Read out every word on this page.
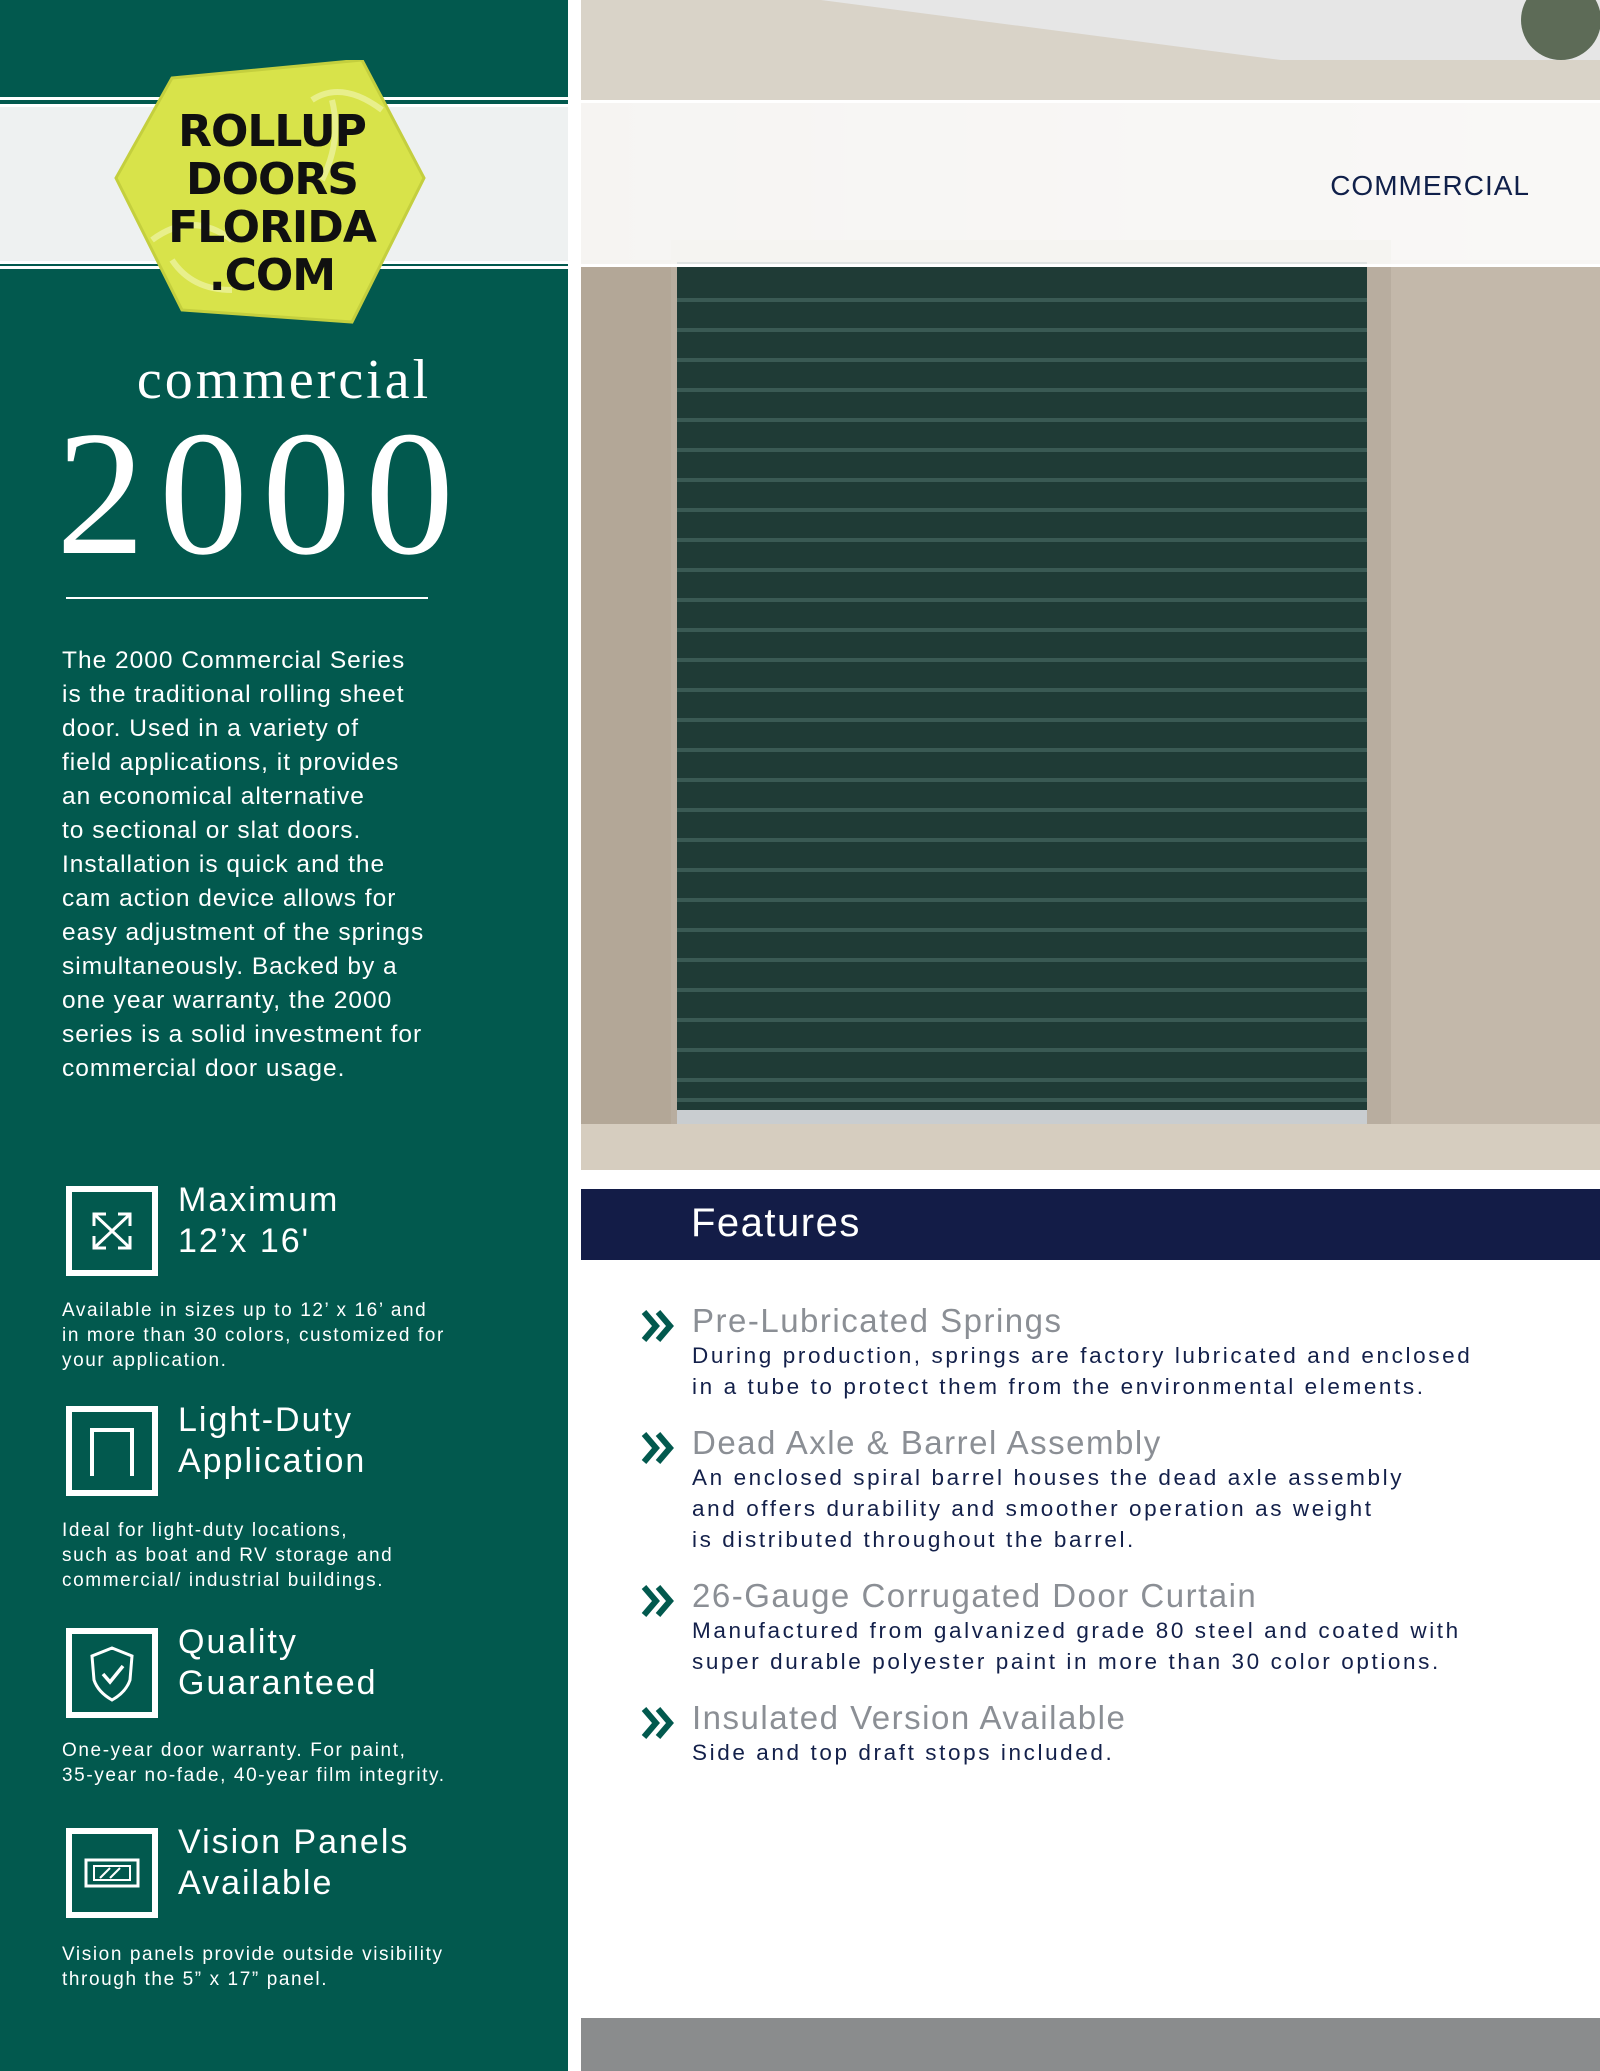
ROLLUP
DOORS
FLORIDA
.COM
commercial
2000
The 2000 Commercial Series
is the traditional rolling sheet
door. Used in a variety of
field applications, it provides
an economical alternative
to sectional or slat doors.
Installation is quick and the
cam action device allows for
easy adjustment of the springs
simultaneously. Backed by a
one year warranty, the 2000
series is a solid investment for
commercial door usage.
Maximum
12’x 16'
Available in sizes up to 12’ x 16’ and
in more than 30 colors, customized for
your application.
Light-Duty
Application
Ideal for light-duty locations,
such as boat and RV storage and
commercial/ industrial buildings.
Quality
Guaranteed
One-year door warranty. For paint,
35-year no-fade, 40-year film integrity.
Vision Panels
Available
Vision panels provide outside visibility
through the 5” x 17” panel.
COMMERCIAL
Features
Pre-Lubricated Springs
During production, springs are factory lubricated and enclosed
in a tube to protect them from the environmental elements.
Dead Axle & Barrel Assembly
An enclosed spiral barrel houses the dead axle assembly
and offers durability and smoother operation as weight
is distributed throughout the barrel.
26-Gauge Corrugated Door Curtain
Manufactured from galvanized grade 80 steel and coated with
super durable polyester paint in more than 30 color options.
Insulated Version Available
Side and top draft stops included.
